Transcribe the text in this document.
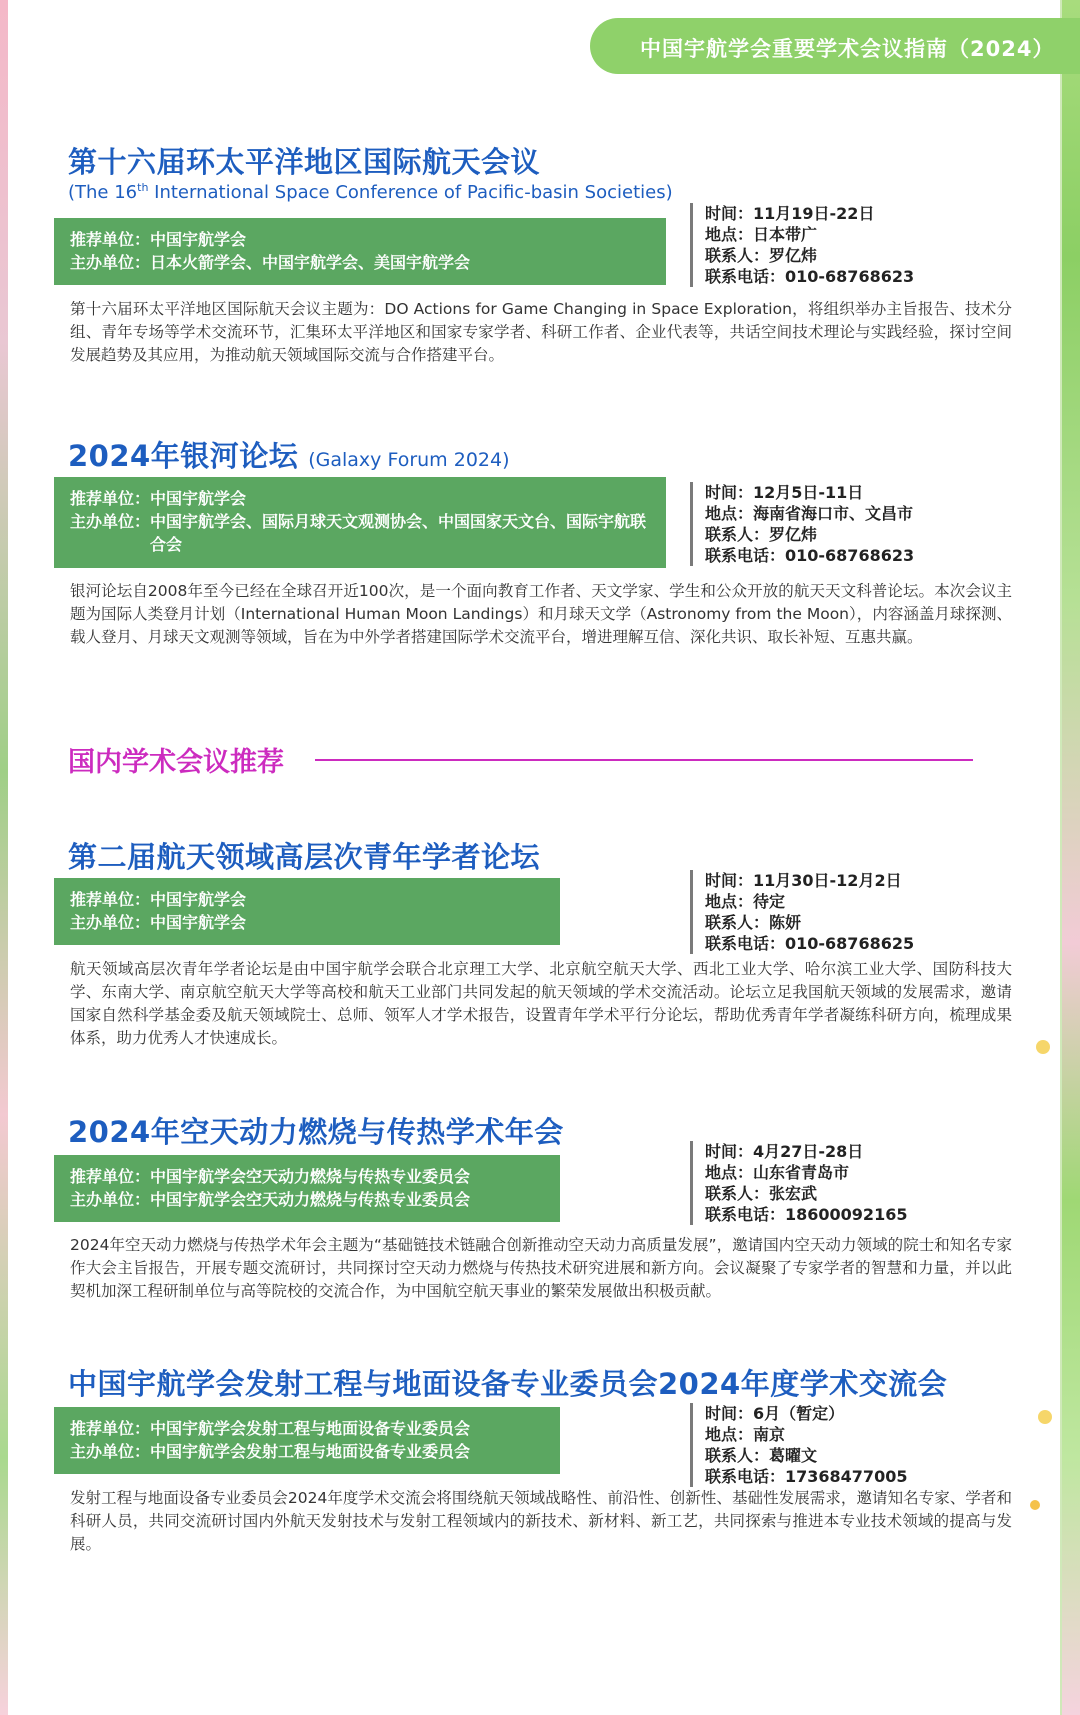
中国宇航学会重要学术会议指南（2024）
第十六届环太平洋地区国际航天会议
(The 16th International Space Conference of Pacific-basin Societies)
推荐单位： 中国宇航学会
主办单位： 日本火箭学会、中国宇航学会、美国宇航学会
时间：11月19日-22日
地点：日本带广
联系人：罗亿炜
联系电话：010-68768623
第十六届环太平洋地区国际航天会议主题为：DO Actions for Game Changing in Space Exploration，将组织举办主旨报告、技术分组、青年专场等学术交流环节，汇集环太平洋地区和国家专家学者、科研工作者、企业代表等，共话空间技术理论与实践经验，探讨空间发展趋势及其应用，为推动航天领域国际交流与合作搭建平台。
2024年银河论坛 (Galaxy Forum 2024)
推荐单位： 中国宇航学会
主办单位： 中国宇航学会、国际月球天文观测协会、中国国家天文台、国际宇航联合会
时间：12月5日-11日
地点：海南省海口市、文昌市
联系人：罗亿炜
联系电话：010-68768623
银河论坛自2008年至今已经在全球召开近100次，是一个面向教育工作者、天文学家、学生和公众开放的航天天文科普论坛。本次会议主题为国际人类登月计划（International Human Moon Landings）和月球天文学（Astronomy from the Moon），内容涵盖月球探测、载人登月、月球天文观测等领域，旨在为中外学者搭建国际学术交流平台，增进理解互信、深化共识、取长补短、互惠共赢。
国内学术会议推荐
第二届航天领域高层次青年学者论坛
推荐单位： 中国宇航学会
主办单位： 中国宇航学会
时间：11月30日-12月2日
地点：待定
联系人：陈妍
联系电话：010-68768625
航天领域高层次青年学者论坛是由中国宇航学会联合北京理工大学、北京航空航天大学、西北工业大学、哈尔滨工业大学、国防科技大学、东南大学、南京航空航天大学等高校和航天工业部门共同发起的航天领域的学术交流活动。论坛立足我国航天领域的发展需求，邀请国家自然科学基金委及航天领域院士、总师、领军人才学术报告，设置青年学术平行分论坛，帮助优秀青年学者凝练科研方向，梳理成果体系，助力优秀人才快速成长。
2024年空天动力燃烧与传热学术年会
推荐单位： 中国宇航学会空天动力燃烧与传热专业委员会
主办单位： 中国宇航学会空天动力燃烧与传热专业委员会
时间：4月27日-28日
地点：山东省青岛市
联系人：张宏武
联系电话：18600092165
2024年空天动力燃烧与传热学术年会主题为“基础链技术链融合创新推动空天动力高质量发展”，邀请国内空天动力领域的院士和知名专家作大会主旨报告，开展专题交流研讨，共同探讨空天动力燃烧与传热技术研究进展和新方向。会议凝聚了专家学者的智慧和力量，并以此契机加深工程研制单位与高等院校的交流合作，为中国航空航天事业的繁荣发展做出积极贡献。
中国宇航学会发射工程与地面设备专业委员会2024年度学术交流会
推荐单位： 中国宇航学会发射工程与地面设备专业委员会
主办单位： 中国宇航学会发射工程与地面设备专业委员会
时间：6月（暂定）
地点：南京
联系人：葛曜文
联系电话：17368477005
发射工程与地面设备专业委员会2024年度学术交流会将围绕航天领域战略性、前沿性、创新性、基础性发展需求，邀请知名专家、学者和科研人员，共同交流研讨国内外航天发射技术与发射工程领域内的新技术、新材料、新工艺，共同探索与推进本专业技术领域的提高与发展。
